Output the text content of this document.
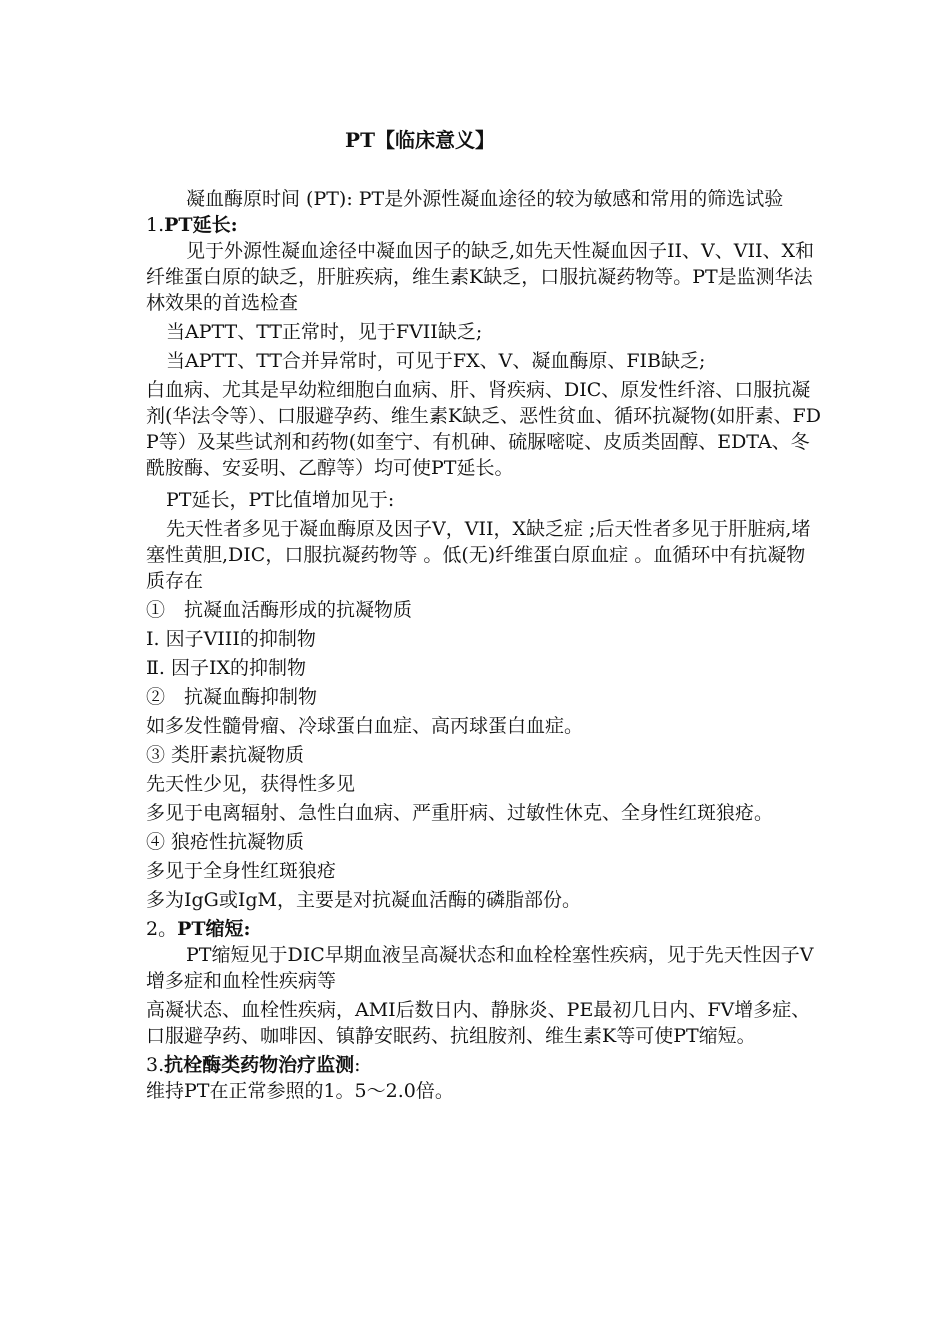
PT【临床意义】

凝血酶原时间 (PT): PT是外源性凝血途径的较为敏感和常用的筛选试验

1.PT延长:

见于外源性凝血途径中凝血因子的缺乏,如先天性凝血因子II、V、VII、X和纤维蛋白原的缺乏，肝脏疾病，维生素K缺乏，口服抗凝药物等。PT是监测华法林效果的首选检查

当APTT、TT正常时，见于FVII缺乏;

当APTT、TT合并异常时，可见于FX、V、凝血酶原、FIB缺乏;

白血病、尤其是早幼粒细胞白血病、肝、肾疾病、DIC、原发性纤溶、口服抗凝剂(华法令等）、口服避孕药、维生素K缺乏、恶性贫血、循环抗凝物(如肝素、FDP等）及某些试剂和药物(如奎宁、有机砷、硫脲嘧啶、皮质类固醇、EDTA、冬酰胺酶、安妥明、乙醇等）均可使PT延长。

PT延长，PT比值增加见于:

先天性者多见于凝血酶原及因子V，VII，X缺乏症 ;后天性者多见于肝脏病,堵塞性黄胆,DIC，口服抗凝药物等 。低(无)纤维蛋白原血症 。血循环中有抗凝物质存在

①　抗凝血活酶形成的抗凝物质

Ⅰ. 因子VIII的抑制物

Ⅱ. 因子IX的抑制物

②　抗凝血酶抑制物

如多发性髓骨瘤、冷球蛋白血症、高丙球蛋白血症。

③ 类肝素抗凝物质

先天性少见，获得性多见

多见于电离辐射、急性白血病、严重肝病、过敏性休克、全身性红斑狼疮。

④ 狼疮性抗凝物质

多见于全身性红斑狼疮

多为IgG或IgM，主要是对抗凝血活酶的磷脂部份。

2。PT缩短:

PT缩短见于DIC早期血液呈高凝状态和血栓栓塞性疾病，见于先天性因子V增多症和血栓性疾病等

高凝状态、血栓性疾病，AMI后数日内、静脉炎、PE最初几日内、FV增多症、口服避孕药、咖啡因、镇静安眠药、抗组胺剂、维生素K等可使PT缩短。

3.抗栓酶类药物治疗监测:

维持PT在正常参照的1。5～2.0倍。
